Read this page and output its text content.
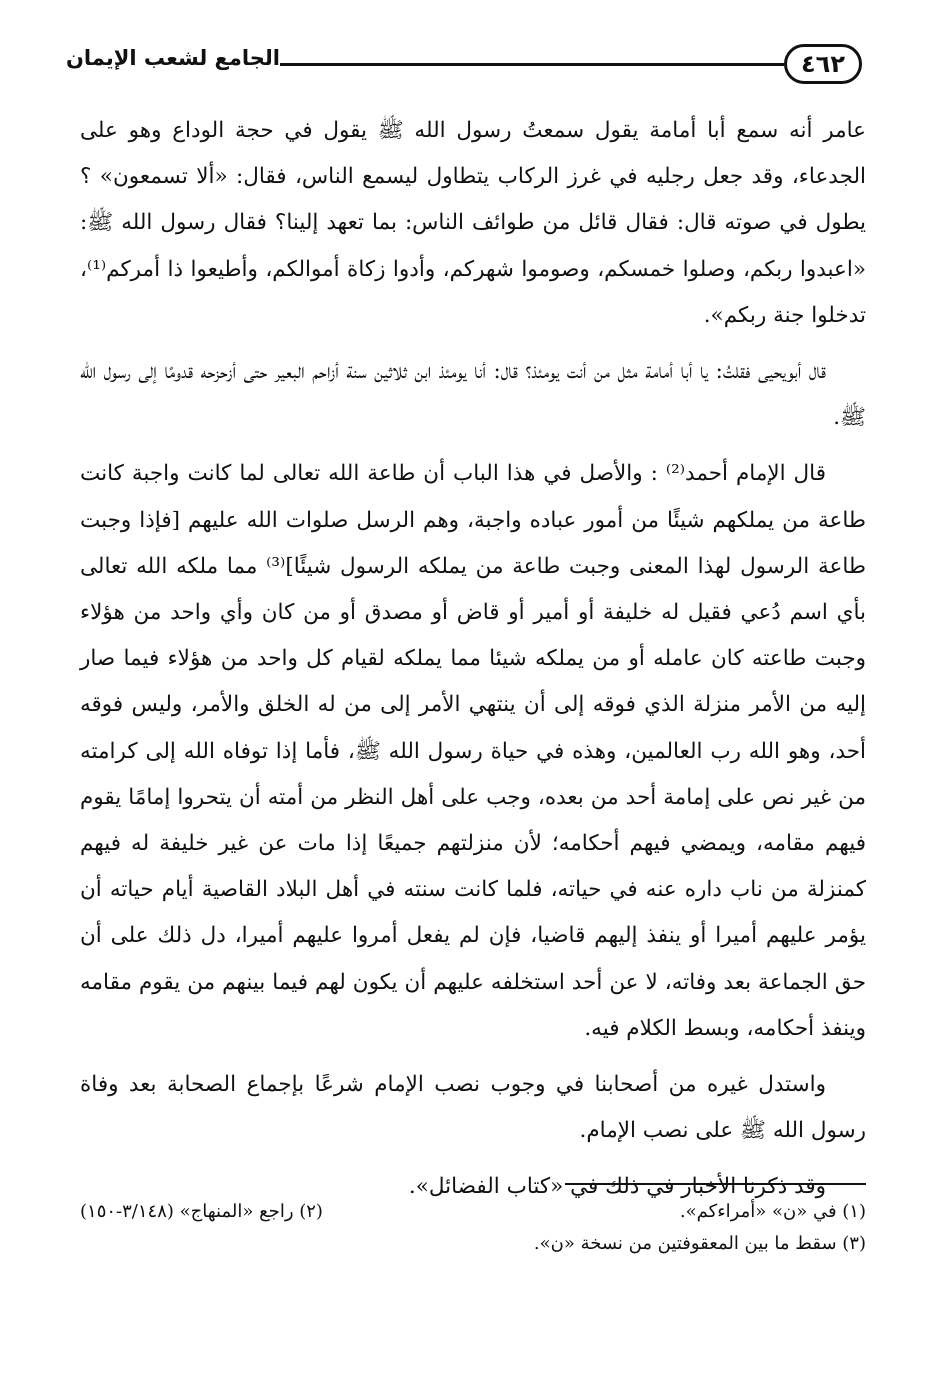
الجامع لشعب الإيمان	٤٦٢

عامر أنه سمع أبا أمامة يقول سمعتُ رسول الله ﷺ يقول في حجة الوداع وهو على الجدعاء، وقد جعل رجليه في غرز الركاب يتطاول ليسمع الناس، فقال: «ألا تسمعون» ؟ يطول في صوته قال: فقال قائل من طوائف الناس: بما تعهد إلينا؟ فقال رسول الله ﷺ: «اعبدوا ربكم، وصلوا خمسكم، وصوموا شهركم، وأدوا زكاة أموالكم، وأطيعوا ذا أمركم⁽¹⁾، تدخلوا جنة ربكم».

قال أبويحيى فقلتُ: يا أبا أمامة مثل من أنت يومئذ؟ قال: أنا يومئذ ابن ثلاثين سنة أزاحم البعير حتى أزحزحه قدومًا إلى رسول الله ﷺ.

قال الإمام أحمد⁽²⁾ : والأصل في هذا الباب أن طاعة الله تعالى لما كانت واجبة كانت طاعة من يملكهم شيئًا من أمور عباده واجبة، وهم الرسل صلوات الله عليهم [فإذا وجبت طاعة الرسول لهذا المعنى وجبت طاعة من يملكه الرسول شيئًا]⁽³⁾ مما ملكه الله تعالى بأي اسم دُعي فقيل له خليفة أو أمير أو قاض أو مصدق أو من كان وأي واحد من هؤلاء وجبت طاعته كان عامله أو من يملكه شيئا مما يملكه لقيام كل واحد من هؤلاء فيما صار إليه من الأمر منزلة الذي فوقه إلى أن ينتهي الأمر إلى من له الخلق والأمر، وليس فوقه أحد، وهو الله رب العالمين، وهذه في حياة رسول الله ﷺ، فأما إذا توفاه الله إلى كرامته من غير نص على إمامة أحد من بعده، وجب على أهل النظر من أمته أن يتحروا إمامًا يقوم فيهم مقامه، ويمضي فيهم أحكامه؛ لأن منزلتهم جميعًا إذا مات عن غير خليفة له فيهم كمنزلة من ناب داره عنه في حياته، فلما كانت سنته في أهل البلاد القاصية أيام حياته أن يؤمر عليهم أميرا أو ينفذ إليهم قاضيا، فإن لم يفعل أمروا عليهم أميرا، دل ذلك على أن حق الجماعة بعد وفاته، لا عن أحد استخلفه عليهم أن يكون لهم فيما بينهم من يقوم مقامه وينفذ أحكامه، وبسط الكلام فيه.

واستدل غيره من أصحابنا في وجوب نصب الإمام شرعًا بإجماع الصحابة بعد وفاة رسول الله ﷺ على نصب الإمام.

وقد ذكرنا الأخبار في ذلك في «كتاب الفضائل».

(١) في «ن» «أمراءكم».
(٢) راجع «المنهاج» (٣/١٤٨-١٥٠)
(٣) سقط ما بين المعقوفتين من نسخة «ن».
